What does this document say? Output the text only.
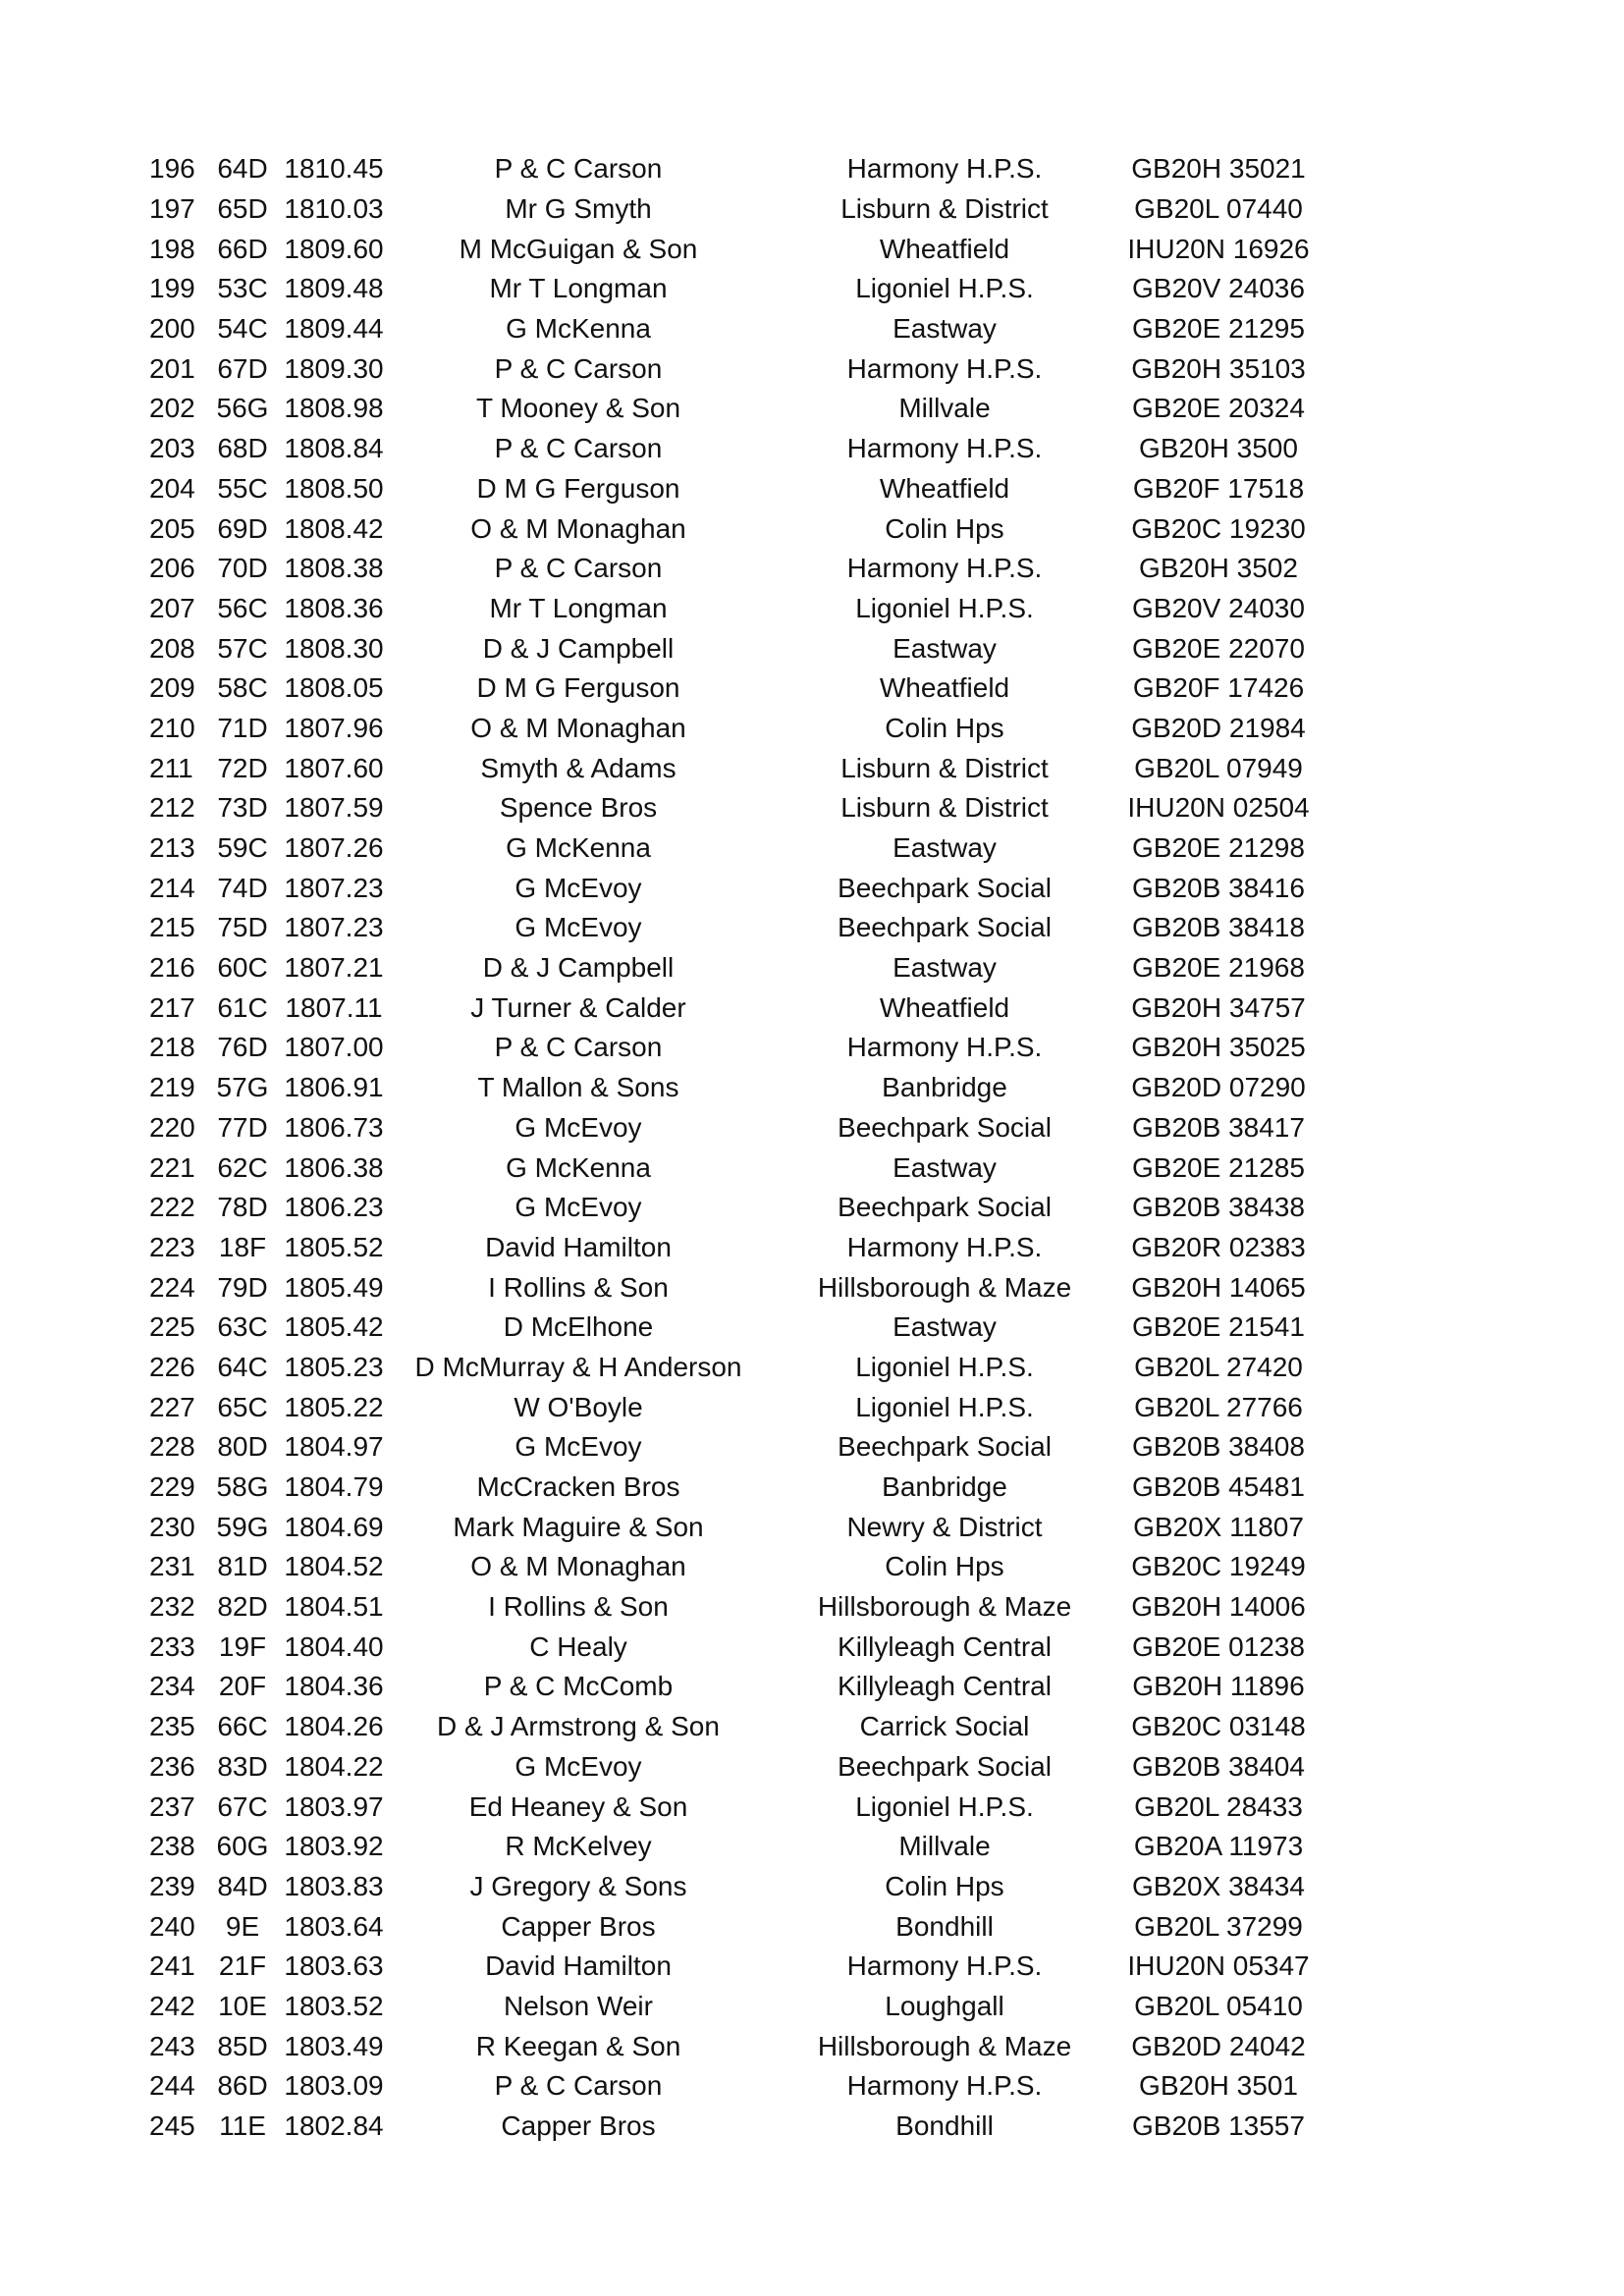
196	64D	1810.45	P & C Carson	Harmony H.P.S.	GB20H 35021
197	65D	1810.03	Mr G Smyth	Lisburn & District	GB20L 07440
198	66D	1809.60	M McGuigan & Son	Wheatfield	IHU20N 16926
199	53C	1809.48	Mr T Longman	Ligoniel H.P.S.	GB20V 24036
200	54C	1809.44	G McKenna	Eastway	GB20E 21295
201	67D	1809.30	P & C Carson	Harmony H.P.S.	GB20H 35103
202	56G	1808.98	T Mooney & Son	Millvale	GB20E 20324
203	68D	1808.84	P & C Carson	Harmony H.P.S.	GB20H 3500
204	55C	1808.50	D M G Ferguson	Wheatfield	GB20F 17518
205	69D	1808.42	O & M Monaghan	Colin Hps	GB20C 19230
206	70D	1808.38	P & C Carson	Harmony H.P.S.	GB20H 3502
207	56C	1808.36	Mr T Longman	Ligoniel H.P.S.	GB20V 24030
208	57C	1808.30	D & J Campbell	Eastway	GB20E 22070
209	58C	1808.05	D M G Ferguson	Wheatfield	GB20F 17426
210	71D	1807.96	O & M Monaghan	Colin Hps	GB20D 21984
211	72D	1807.60	Smyth & Adams	Lisburn & District	GB20L 07949
212	73D	1807.59	Spence Bros	Lisburn & District	IHU20N 02504
213	59C	1807.26	G McKenna	Eastway	GB20E 21298
214	74D	1807.23	G McEvoy	Beechpark Social	GB20B 38416
215	75D	1807.23	G McEvoy	Beechpark Social	GB20B 38418
216	60C	1807.21	D & J Campbell	Eastway	GB20E 21968
217	61C	1807.11	J Turner & Calder	Wheatfield	GB20H 34757
218	76D	1807.00	P & C Carson	Harmony H.P.S.	GB20H 35025
219	57G	1806.91	T Mallon & Sons	Banbridge	GB20D 07290
220	77D	1806.73	G McEvoy	Beechpark Social	GB20B 38417
221	62C	1806.38	G McKenna	Eastway	GB20E 21285
222	78D	1806.23	G McEvoy	Beechpark Social	GB20B 38438
223	18F	1805.52	David Hamilton	Harmony H.P.S.	GB20R 02383
224	79D	1805.49	I Rollins & Son	Hillsborough & Maze	GB20H 14065
225	63C	1805.42	D McElhone	Eastway	GB20E 21541
226	64C	1805.23	D McMurray & H Anderson	Ligoniel H.P.S.	GB20L 27420
227	65C	1805.22	W O'Boyle	Ligoniel H.P.S.	GB20L 27766
228	80D	1804.97	G McEvoy	Beechpark Social	GB20B 38408
229	58G	1804.79	McCracken Bros	Banbridge	GB20B 45481
230	59G	1804.69	Mark Maguire & Son	Newry & District	GB20X 11807
231	81D	1804.52	O & M Monaghan	Colin Hps	GB20C 19249
232	82D	1804.51	I Rollins & Son	Hillsborough & Maze	GB20H 14006
233	19F	1804.40	C Healy	Killyleagh Central	GB20E 01238
234	20F	1804.36	P & C McComb	Killyleagh Central	GB20H 11896
235	66C	1804.26	D & J Armstrong & Son	Carrick Social	GB20C 03148
236	83D	1804.22	G McEvoy	Beechpark Social	GB20B 38404
237	67C	1803.97	Ed Heaney & Son	Ligoniel H.P.S.	GB20L 28433
238	60G	1803.92	R McKelvey	Millvale	GB20A 11973
239	84D	1803.83	J Gregory & Sons	Colin Hps	GB20X 38434
240	9E	1803.64	Capper Bros	Bondhill	GB20L 37299
241	21F	1803.63	David Hamilton	Harmony H.P.S.	IHU20N 05347
242	10E	1803.52	Nelson Weir	Loughgall	GB20L 05410
243	85D	1803.49	R Keegan & Son	Hillsborough & Maze	GB20D 24042
244	86D	1803.09	P & C Carson	Harmony H.P.S.	GB20H 3501
245	11E	1802.84	Capper Bros	Bondhill	GB20B 13557
